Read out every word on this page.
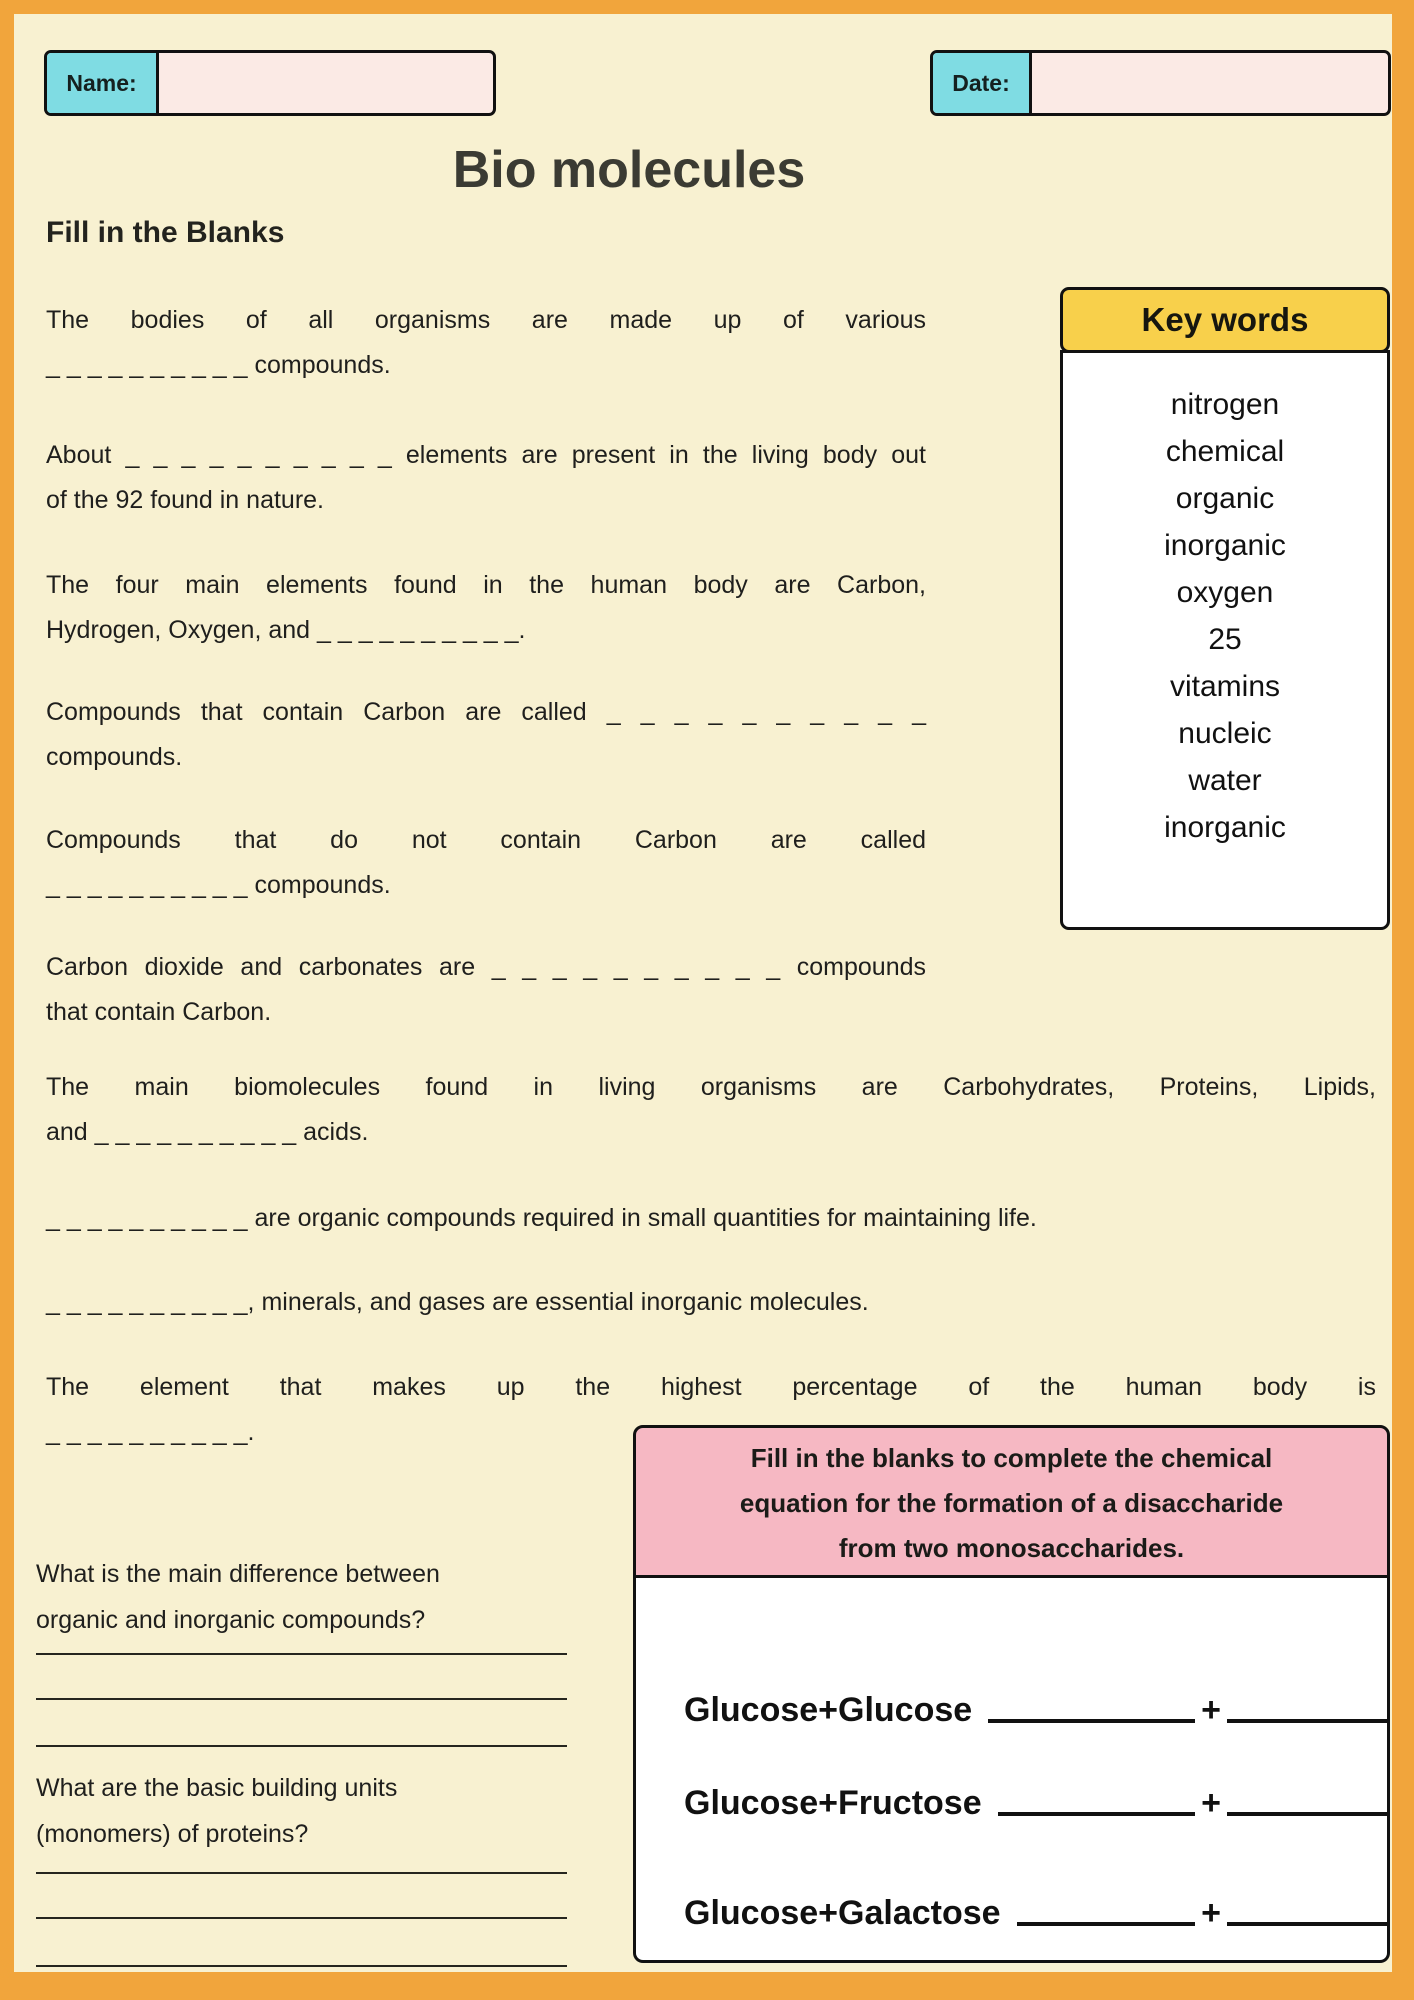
Name:	Date:
Bio molecules
Fill in the Blanks
The bodies of all organisms are made up of various
_ _ _ _ _ _ _ _ _ _ compounds.
About _ _ _ _ _ _ _ _ _ _ elements are present in the living body out
of the 92 found in nature.
The four main elements found in the human body are Carbon,
Hydrogen, Oxygen, and _ _ _ _ _ _ _ _ _ _.
Compounds that contain Carbon are called _ _ _ _ _ _ _ _ _ _
compounds.
Compounds that do not contain Carbon are called
_ _ _ _ _ _ _ _ _ _ compounds.
Carbon dioxide and carbonates are _ _ _ _ _ _ _ _ _ _ compounds
that contain Carbon.
The main biomolecules found in living organisms are Carbohydrates, Proteins, Lipids,
and _ _ _ _ _ _ _ _ _ _ acids.
_ _ _ _ _ _ _ _ _ _ are organic compounds required in small quantities for maintaining life.
_ _ _ _ _ _ _ _ _ _, minerals, and gases are essential inorganic molecules.
The element that makes up the highest percentage of the human body is
_ _ _ _ _ _ _ _ _ _.
Key words
nitrogen
chemical
organic
inorganic
oxygen
25
vitamins
nucleic
water
inorganic
What is the main difference between
organic and inorganic compounds?
What are the basic building units
(monomers) of proteins?
Fill in the blanks to complete the chemical
equation for the formation of a disaccharide
from two monosaccharides.
Glucose+Glucose	+
Glucose+Fructose	+
Glucose+Galactose	+
